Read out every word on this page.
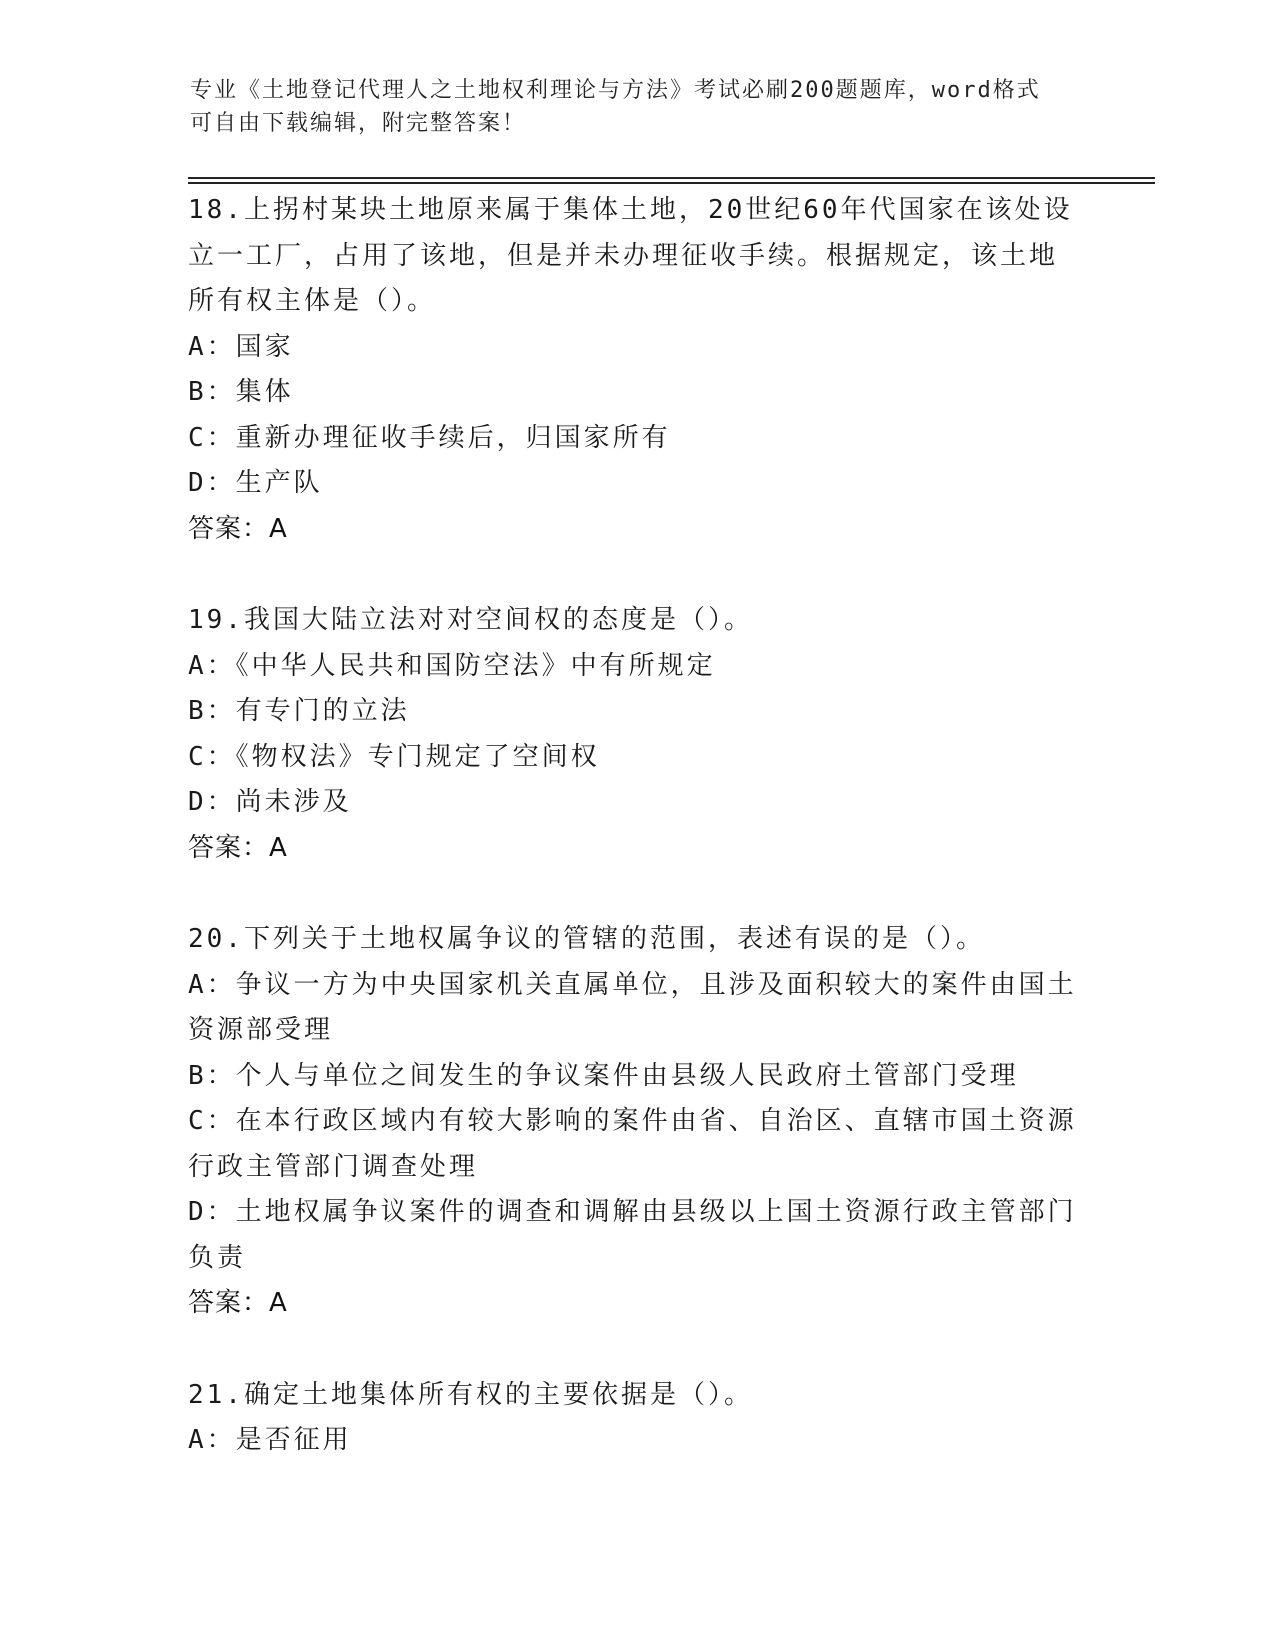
专业《土地登记代理人之土地权利理论与方法》考试必刷200题题库，word格式
可自由下载编辑，附完整答案！
18.上拐村某块土地原来属于集体土地，20世纪60年代国家在该处设
立一工厂，占用了该地，但是并未办理征收手续。根据规定，该土地
所有权主体是（）。
A：国家
B：集体
C：重新办理征收手续后，归国家所有
D：生产队
答案：A
19.我国大陆立法对对空间权的态度是（）。
A：《中华人民共和国防空法》中有所规定
B：有专门的立法
C：《物权法》专门规定了空间权
D：尚未涉及
答案：A
20.下列关于土地权属争议的管辖的范围，表述有误的是（）。
A：争议一方为中央国家机关直属单位，且涉及面积较大的案件由国土
资源部受理
B：个人与单位之间发生的争议案件由县级人民政府土管部门受理
C：在本行政区域内有较大影响的案件由省、自治区、直辖市国土资源
行政主管部门调查处理
D：土地权属争议案件的调查和调解由县级以上国土资源行政主管部门
负责
答案：A
21.确定土地集体所有权的主要依据是（）。
A：是否征用
